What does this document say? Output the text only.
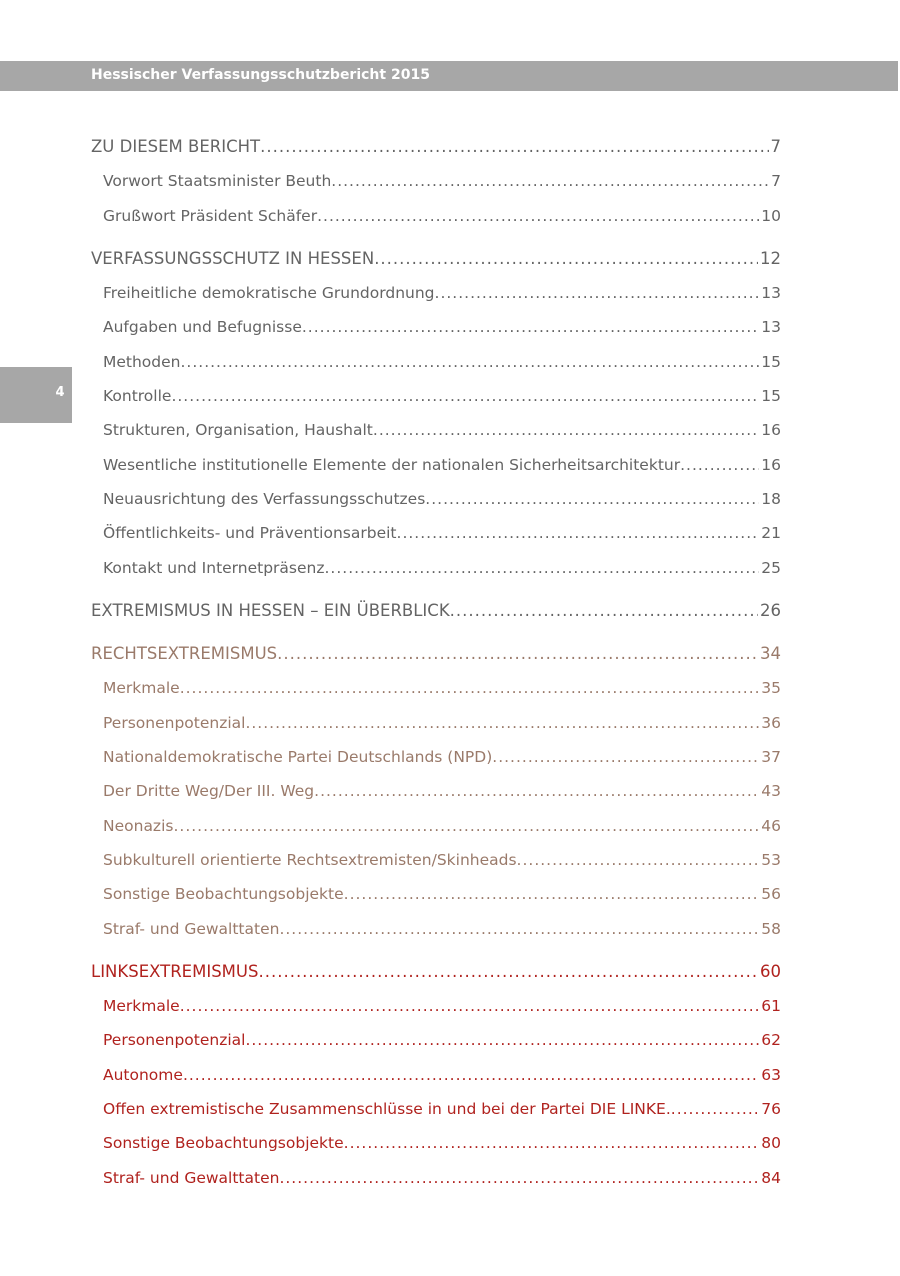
Hessischer Verfassungsschutzbericht 2015
4
ZU DIESEM BERICHT .....	7
Vorwort Staatsminister Beuth .....	7
Grußwort Präsident Schäfer .....	10
VERFASSUNGSSCHUTZ IN HESSEN .....	12
Freiheitliche demokratische Grundordnung .....	13
Aufgaben und Befugnisse .....	13
Methoden .....	15
Kontrolle .....	15
Strukturen, Organisation, Haushalt .....	16
Wesentliche institutionelle Elemente der nationalen Sicherheitsarchitektur .....	16
Neuausrichtung des Verfassungsschutzes .....	18
Öffentlichkeits- und Präventionsarbeit .....	21
Kontakt und Internetpräsenz .....	25
EXTREMISMUS IN HESSEN – EIN ÜBERBLICK .....	26
RECHTSEXTREMISMUS .....	34
Merkmale .....	35
Personenpotenzial .....	36
Nationaldemokratische Partei Deutschlands (NPD) .....	37
Der Dritte Weg/Der III. Weg .....	43
Neonazis .....	46
Subkulturell orientierte Rechtsextremisten/Skinheads .....	53
Sonstige Beobachtungsobjekte .....	56
Straf- und Gewalttaten .....	58
LINKSEXTREMISMUS .....	60
Merkmale .....	61
Personenpotenzial .....	62
Autonome .....	63
Offen extremistische Zusammenschlüsse in und bei der Partei DIE LINKE. .....	76
Sonstige Beobachtungsobjekte .....	80
Straf- und Gewalttaten .....	84
